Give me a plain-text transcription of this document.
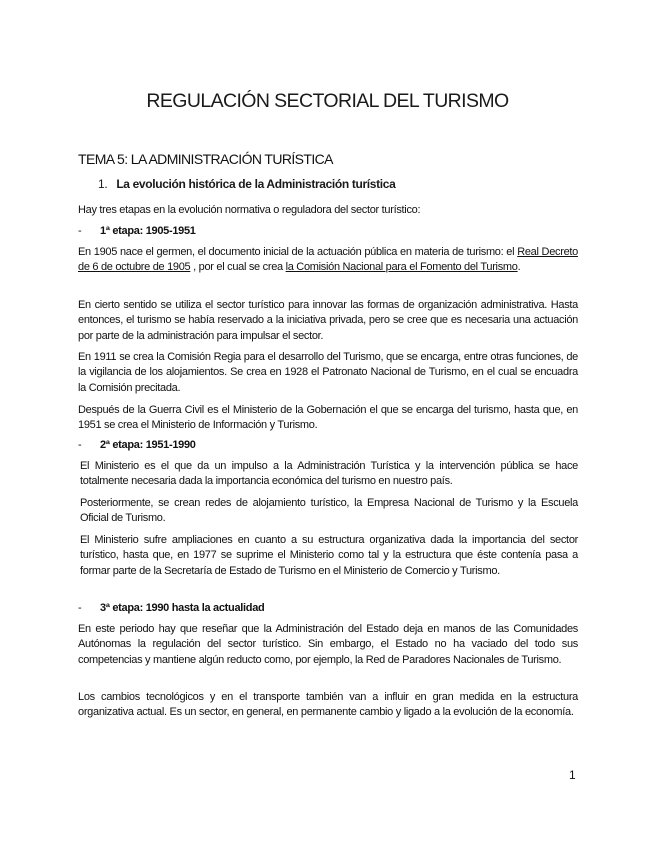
REGULACIÓN SECTORIAL DEL TURISMO
TEMA 5: LA ADMINISTRACIÓN TURÍSTICA
1. La evolución histórica de la Administración turística

Hay tres etapas en la evolución normativa o reguladora del sector turístico:

- 1ª etapa: 1905-1951

En 1905 nace el germen, el documento inicial de la actuación pública en materia de turismo: el Real Decreto de 6 de octubre de 1905 , por el cual se crea la Comisión Nacional para el Fomento del Turismo.

En cierto sentido se utiliza el sector turístico para innovar las formas de organización administrativa. Hasta entonces, el turismo se había reservado a la iniciativa privada, pero se cree que es necesaria una actuación por parte de la administración para impulsar el sector.

En 1911 se crea la Comisión Regia para el desarrollo del Turismo, que se encarga, entre otras funciones, de la vigilancia de los alojamientos. Se crea en 1928 el Patronato Nacional de Turismo, en el cual se encuadra la Comisión precitada.

Después de la Guerra Civil es el Ministerio de la Gobernación el que se encarga del turismo, hasta que, en 1951 se crea el Ministerio de Información y Turismo.

- 2ª etapa: 1951-1990

El Ministerio es el que da un impulso a la Administración Turística y la intervención pública se hace totalmente necesaria dada la importancia económica del turismo en nuestro país.

Posteriormente, se crean redes de alojamiento turístico, la Empresa Nacional de Turismo y la Escuela Oficial de Turismo.

El Ministerio sufre ampliaciones en cuanto a su estructura organizativa dada la importancia del sector turístico, hasta que, en 1977 se suprime el Ministerio como tal y la estructura que éste contenía pasa a formar parte de la Secretaría de Estado de Turismo en el Ministerio de Comercio y Turismo.

- 3ª etapa: 1990 hasta la actualidad

En este periodo hay que reseñar que la Administración del Estado deja en manos de las Comunidades Autónomas la regulación del sector turístico. Sin embargo, el Estado no ha vaciado del todo sus competencias y mantiene algún reducto como, por ejemplo, la Red de Paradores Nacionales de Turismo.

Los cambios tecnológicos y en el transporte también van a influir en gran medida en la estructura organizativa actual. Es un sector, en general, en permanente cambio y ligado a la evolución de la economía.

1
